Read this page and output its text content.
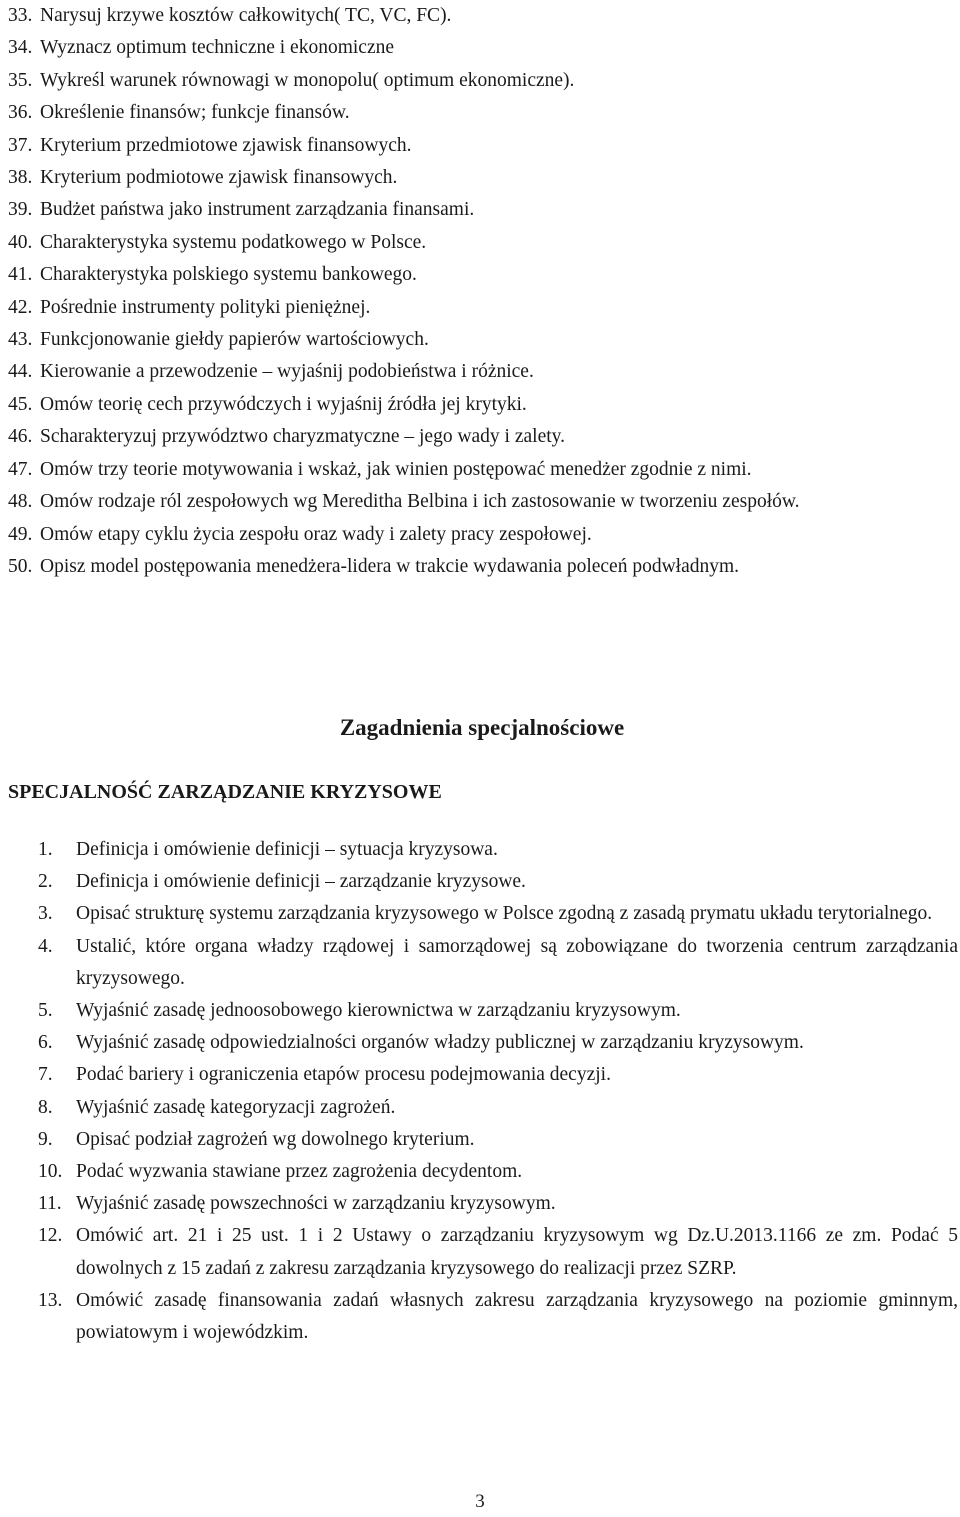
33. Narysuj krzywe kosztów całkowitych( TC, VC, FC).
34. Wyznacz optimum techniczne i ekonomiczne
35. Wykreśl warunek równowagi w monopolu( optimum ekonomiczne).
36. Określenie finansów; funkcje finansów.
37. Kryterium przedmiotowe zjawisk finansowych.
38. Kryterium podmiotowe zjawisk finansowych.
39. Budżet państwa jako instrument zarządzania finansami.
40. Charakterystyka systemu podatkowego w Polsce.
41. Charakterystyka polskiego systemu bankowego.
42. Pośrednie instrumenty polityki pieniężnej.
43. Funkcjonowanie giełdy papierów wartościowych.
44. Kierowanie a przewodzenie – wyjaśnij podobieństwa i różnice.
45. Omów teorię cech przywódczych i wyjaśnij źródła jej krytyki.
46. Scharakteryzuj przywództwo charyzmatyczne – jego wady i zalety.
47. Omów trzy teorie motywowania i wskaż, jak winien postępować menedżer zgodnie z nimi.
48. Omów rodzaje ról zespołowych wg Mereditha Belbina i ich zastosowanie w tworzeniu zespołów.
49. Omów etapy cyklu życia zespołu oraz wady i zalety pracy zespołowej.
50. Opisz model postępowania menedżera-lidera w trakcie wydawania poleceń podwładnym.
Zagadnienia specjalnościowe
SPECJALNOŚĆ ZARZĄDZANIE KRYZYSOWE
1.	Definicja i omówienie definicji – sytuacja kryzysowa.
2.	Definicja i omówienie definicji – zarządzanie kryzysowe.
3.	Opisać strukturę systemu zarządzania kryzysowego w Polsce zgodną z zasadą prymatu układu terytorialnego.
4.	Ustalić, które organa władzy rządowej i samorządowej są zobowiązane do tworzenia centrum zarządzania kryzysowego.
5.	Wyjaśnić zasadę jednoosobowego kierownictwa w zarządzaniu kryzysowym.
6.	Wyjaśnić zasadę odpowiedzialności organów władzy publicznej w zarządzaniu kryzysowym.
7.	Podać bariery i ograniczenia etapów procesu podejmowania decyzji.
8.	Wyjaśnić zasadę kategoryzacji zagrożeń.
9.	Opisać podział zagrożeń wg dowolnego kryterium.
10. Podać wyzwania stawiane przez zagrożenia decydentom.
11. Wyjaśnić zasadę powszechności w zarządzaniu kryzysowym.
12. Omówić art. 21 i 25 ust. 1 i 2 Ustawy o zarządzaniu kryzysowym wg Dz.U.2013.1166 ze zm. Podać 5 dowolnych z 15 zadań z zakresu zarządzania kryzysowego do realizacji przez SZRP.
13. Omówić zasadę finansowania zadań własnych zakresu zarządzania kryzysowego na poziomie gminnym, powiatowym i wojewódzkim.
3
